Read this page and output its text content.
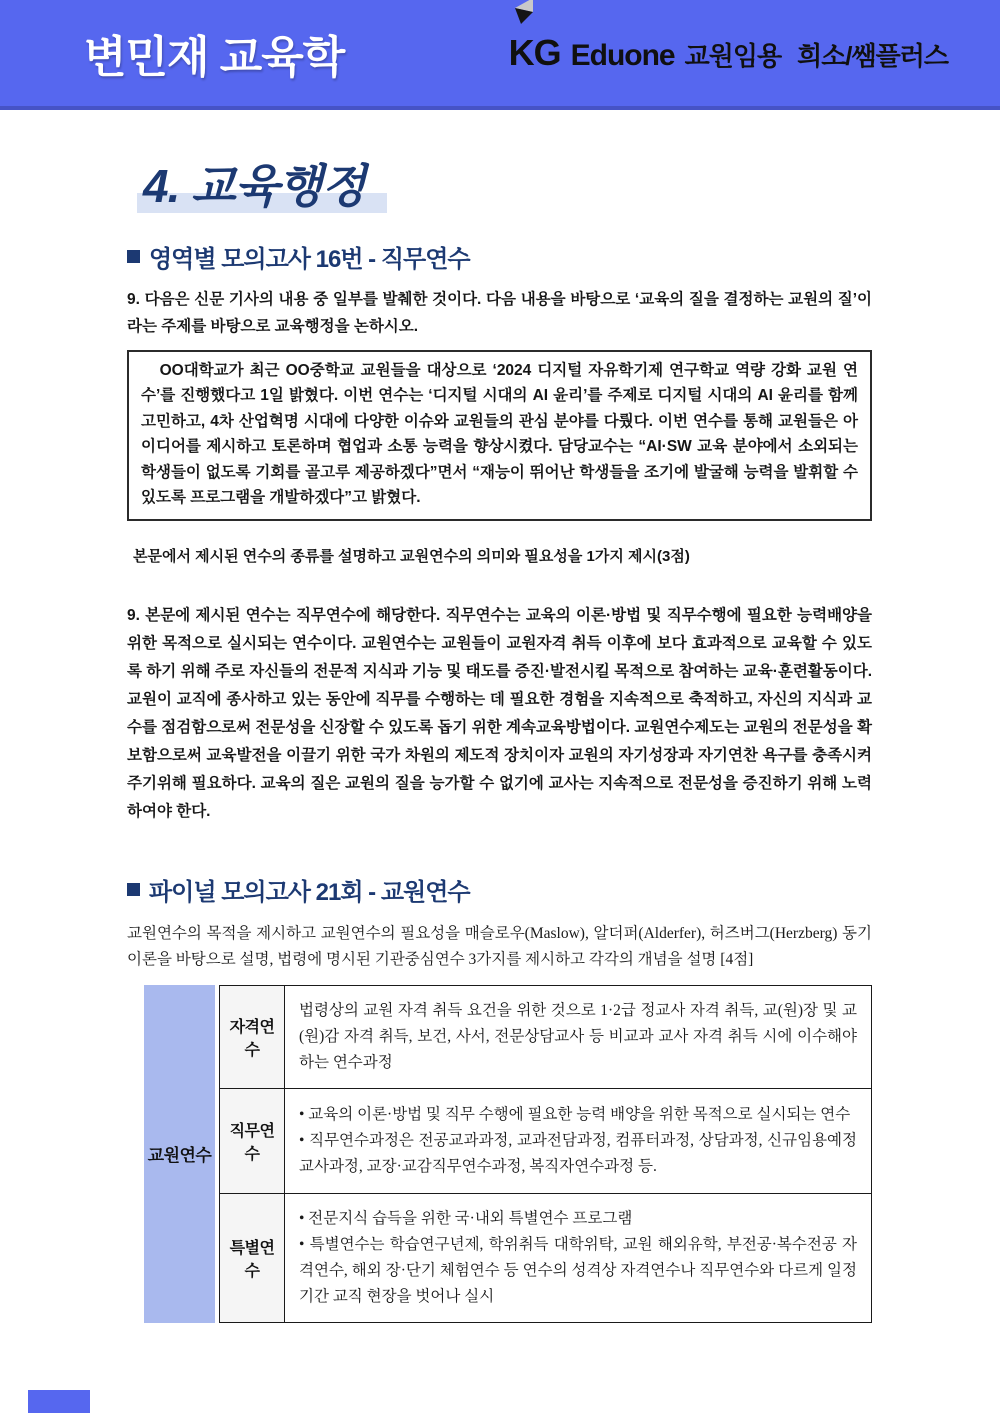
변민재 교육학	KG Eduone 교원임용 희소/쌤플러스
4. 교육행정
영역별 모의고사 16번 - 직무연수
9. 다음은 신문 기사의 내용 중 일부를 발췌한 것이다. 다음 내용을 바탕으로 ‘교육의 질을 결정하는 교원의 질’이라는 주제를 바탕으로 교육행정을 논하시오.

OO대학교가 최근 OO중학교 교원들을 대상으로 ‘2024 디지털 자유학기제 연구학교 역량 강화 교원 연수’를 진행했다고 1일 밝혔다. 이번 연수는 ‘디지털 시대의 AI 윤리’를 주제로 디지털 시대의 AI 윤리를 함께 고민하고, 4차 산업혁명 시대에 다양한 이슈와 교원들의 관심 분야를 다뤘다. 이번 연수를 통해 교원들은 아이디어를 제시하고 토론하며 협업과 소통 능력을 향상시켰다. 담당교수는 “AI·SW 교육 분야에서 소외되는 학생들이 없도록 기회를 골고루 제공하겠다”면서 “재능이 뛰어난 학생들을 조기에 발굴해 능력을 발휘할 수 있도록 프로그램을 개발하겠다”고 밝혔다.

본문에서 제시된 연수의 종류를 설명하고 교원연수의 의미와 필요성을 1가지 제시(3점)
9. 본문에 제시된 연수는 직무연수에 해당한다. 직무연수는 교육의 이론·방법 및 직무수행에 필요한 능력배양을 위한 목적으로 실시되는 연수이다. 교원연수는 교원들이 교원자격 취득 이후에 보다 효과적으로 교육할 수 있도록 하기 위해 주로 자신들의 전문적 지식과 기능 및 태도를 증진·발전시킬 목적으로 참여하는 교육·훈련활동이다. 교원이 교직에 종사하고 있는 동안에 직무를 수행하는 데 필요한 경험을 지속적으로 축적하고, 자신의 지식과 교수를 점검함으로써 전문성을 신장할 수 있도록 돕기 위한 계속교육방법이다. 교원연수제도는 교원의 전문성을 확보함으로써 교육발전을 이끌기 위한 국가 차원의 제도적 장치이자 교원의 자기성장과 자기연찬 욕구를 충족시켜 주기위해 필요하다. 교육의 질은 교원의 질을 능가할 수 없기에 교사는 지속적으로 전문성을 증진하기 위해 노력하여야 한다.
파이널 모의고사 21회 - 교원연수
교원연수의 목적을 제시하고 교원연수의 필요성을 매슬로우(Maslow), 알더퍼(Alderfer), 허즈버그(Herzberg) 동기이론을 바탕으로 설명, 법령에 명시된 기관중심연수 3가지를 제시하고 각각의 개념을 설명 [4점]
교원연수
자격연수	법령상의 교원 자격 취득 요건을 위한 것으로 1·2급 정교사 자격 취득, 교(원)장 및 교(원)감 자격 취득, 보건, 사서, 전문상담교사 등 비교과 교사 자격 취득 시에 이수해야 하는 연수과정

직무연수	• 교육의 이론·방법 및 직무 수행에 필요한 능력 배양을 위한 목적으로 실시되는 연수
• 직무연수과정은 전공교과과정, 교과전담과정, 컴퓨터과정, 상담과정, 신규임용예정교사과정, 교장·교감직무연수과정, 복직자연수과정 등.

특별연수	• 전문지식 습득을 위한 국·내외 특별연수 프로그램
• 특별연수는 학습연구년제, 학위취득 대학위탁, 교원 해외유학, 부전공·복수전공 자격연수, 해외 장·단기 체험연수 등 연수의 성격상 자격연수나 직무연수와 다르게 일정 기간 교직 현장을 벗어나 실시
